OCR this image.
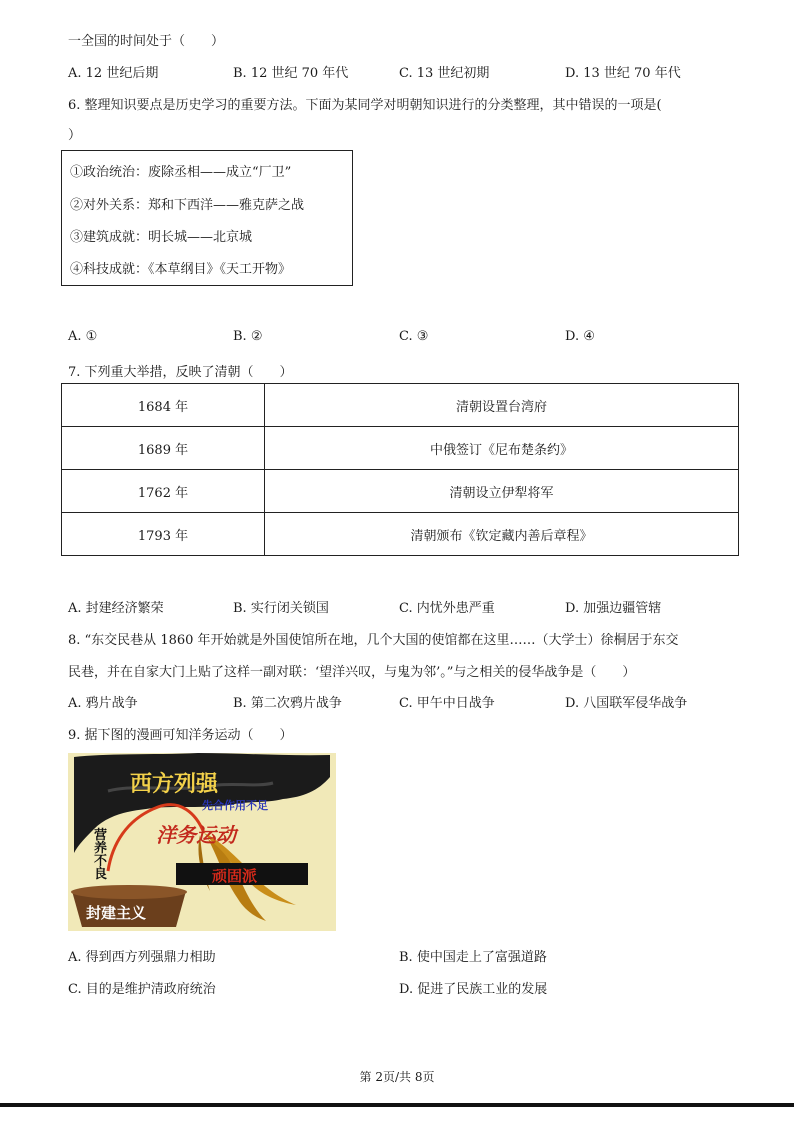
一全国的时间处于（　　）
A. 12 世纪后期	B. 12 世纪 70 年代	C. 13 世纪初期	D. 13 世纪 70 年代
6. 整理知识要点是历史学习的重要方法。下面为某同学对明朝知识进行的分类整理，其中错误的一项是(
）
①政治统治：废除丞相——成立“厂卫”
②对外关系：郑和下西洋——雅克萨之战
③建筑成就：明长城——北京城
④科技成就：《本草纲目》《天工开物》
A. ①	B. ②	C. ③	D. ④
7. 下列重大举措，反映了清朝（　　）
1684 年	清朝设置台湾府
1689 年	中俄签订《尼布楚条约》
1762 年	清朝设立伊犁将军
1793 年	清朝颁布《钦定藏内善后章程》
A. 封建经济繁荣	B. 实行闭关锁国	C. 内忧外患严重	D. 加强边疆管辖
8. “东交民巷从 1860 年开始就是外国使馆所在地，几个大国的使馆都在这里……（大学士）徐桐居于东交
民巷，并在自家大门上贴了这样一副对联：‘望洋兴叹，与鬼为邻’。”与之相关的侵华战争是（　　）
A. 鸦片战争	B. 第二次鸦片战争	C. 甲午中日战争	D. 八国联军侵华战争
9. 据下图的漫画可知洋务运动（　　）
西方列强
先合作用不足
洋务运动
营养不良	顽固派
封建主义
A. 得到西方列强鼎力相助	B. 使中国走上了富强道路
C. 目的是维护清政府统治	D. 促进了民族工业的发展
第 2页/共 8页
